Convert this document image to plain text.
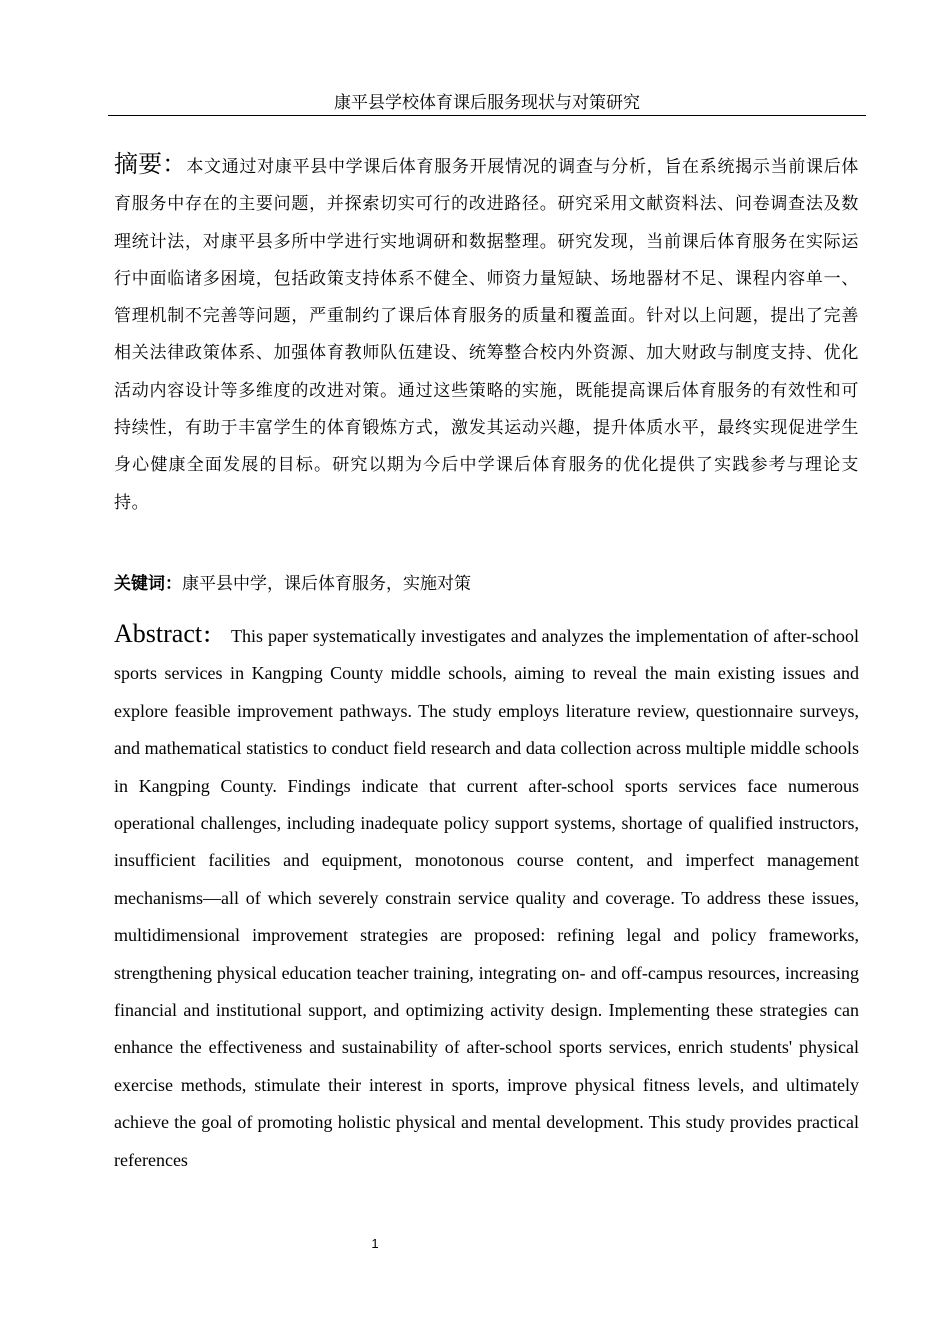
康平县学校体育课后服务现状与对策研究
摘要：本文通过对康平县中学课后体育服务开展情况的调查与分析，旨在系统揭示当前课后体育服务中存在的主要问题，并探索切实可行的改进路径。研究采用文献资料法、问卷调查法及数理统计法，对康平县多所中学进行实地调研和数据整理。研究发现，当前课后体育服务在实际运行中面临诸多困境，包括政策支持体系不健全、师资力量短缺、场地器材不足、课程内容单一、管理机制不完善等问题，严重制约了课后体育服务的质量和覆盖面。针对以上问题，提出了完善相关法律政策体系、加强体育教师队伍建设、统筹整合校内外资源、加大财政与制度支持、优化活动内容设计等多维度的改进对策。通过这些策略的实施，既能提高课后体育服务的有效性和可持续性，有助于丰富学生的体育锻炼方式，激发其运动兴趣，提升体质水平，最终实现促进学生身心健康全面发展的目标。研究以期为今后中学课后体育服务的优化提供了实践参考与理论支持。
关键词：康平县中学，课后体育服务，实施对策
Abstract： This paper systematically investigates and analyzes the implementation of after-school sports services in Kangping County middle schools, aiming to reveal the main existing issues and explore feasible improvement pathways. The study employs literature review, questionnaire surveys, and mathematical statistics to conduct field research and data collection across multiple middle schools in Kangping County. Findings indicate that current after-school sports services face numerous operational challenges, including inadequate policy support systems, shortage of qualified instructors, insufficient facilities and equipment, monotonous course content, and imperfect management mechanisms—all of which severely constrain service quality and coverage. To address these issues, multidimensional improvement strategies are proposed: refining legal and policy frameworks, strengthening physical education teacher training, integrating on- and off-campus resources, increasing financial and institutional support, and optimizing activity design. Implementing these strategies can enhance the effectiveness and sustainability of after-school sports services, enrich students' physical exercise methods, stimulate their interest in sports, improve physical fitness levels, and ultimately achieve the goal of promoting holistic physical and mental development. This study provides practical references
1
